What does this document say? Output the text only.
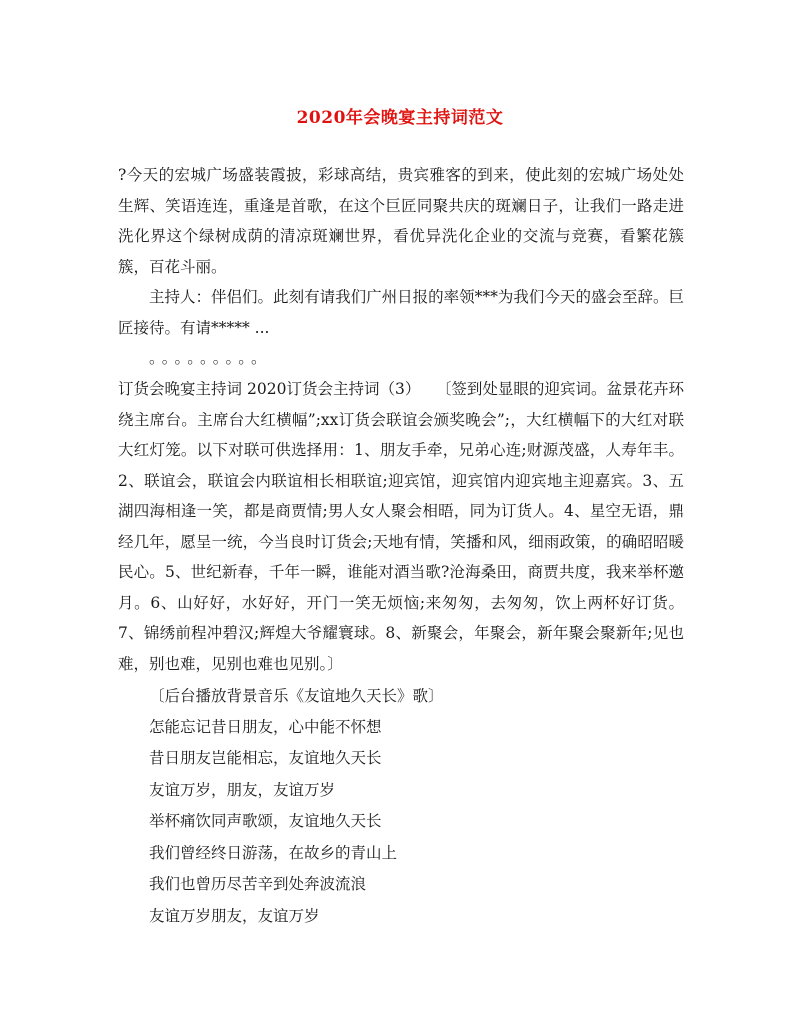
2020年会晚宴主持词范文

?今天的宏城广场盛装霞披，彩球高结，贵宾雅客的到来，使此刻的宏城广场处处生辉、笑语连连，重逢是首歌，在这个巨匠同聚共庆的斑斓日子，让我们一路走进洗化界这个绿树成荫的清凉斑斓世界，看优异洗化企业的交流与竞赛，看繁花簇簇，百花斗丽。

主持人：伴侣们。此刻有请我们广州日报的率领***为我们今天的盛会至辞。巨匠接待。有请***** ...

。。。。。。。。。

订货会晚宴主持词 2020订货会主持词（3）　　〔签到处显眼的迎宾词。盆景花卉环绕主席台。主席台大红横幅”;xx订货会联谊会颁奖晚会”;，大红横幅下的大红对联大红灯笼。以下对联可供选择用：1、朋友手牵，兄弟心连;财源茂盛，人寿年丰。2、联谊会，联谊会内联谊相长相联谊;迎宾馆，迎宾馆内迎宾地主迎嘉宾。3、五湖四海相逢一笑，都是商贾情;男人女人聚会相晤，同为订货人。4、星空无语，鼎经几年，愿呈一统，今当良时订货会;天地有情，笑播和风，细雨政策，的确昭昭暖民心。5、世纪新春，千年一瞬，谁能对酒当歌?沧海桑田，商贾共度，我来举杯邀月。6、山好好，水好好，开门一笑无烦恼;来匆匆，去匆匆，饮上两杯好订货。7、锦绣前程冲碧汉;辉煌大爷耀寰球。8、新聚会，年聚会，新年聚会聚新年;见也难，别也难，见别也难也见别。〕

〔后台播放背景音乐《友谊地久天长》歌〕

怎能忘记昔日朋友，心中能不怀想

昔日朋友岂能相忘，友谊地久天长

友谊万岁，朋友，友谊万岁

举杯痛饮同声歌颂，友谊地久天长

我们曾经终日游荡，在故乡的青山上

我们也曾历尽苦辛到处奔波流浪

友谊万岁朋友，友谊万岁
